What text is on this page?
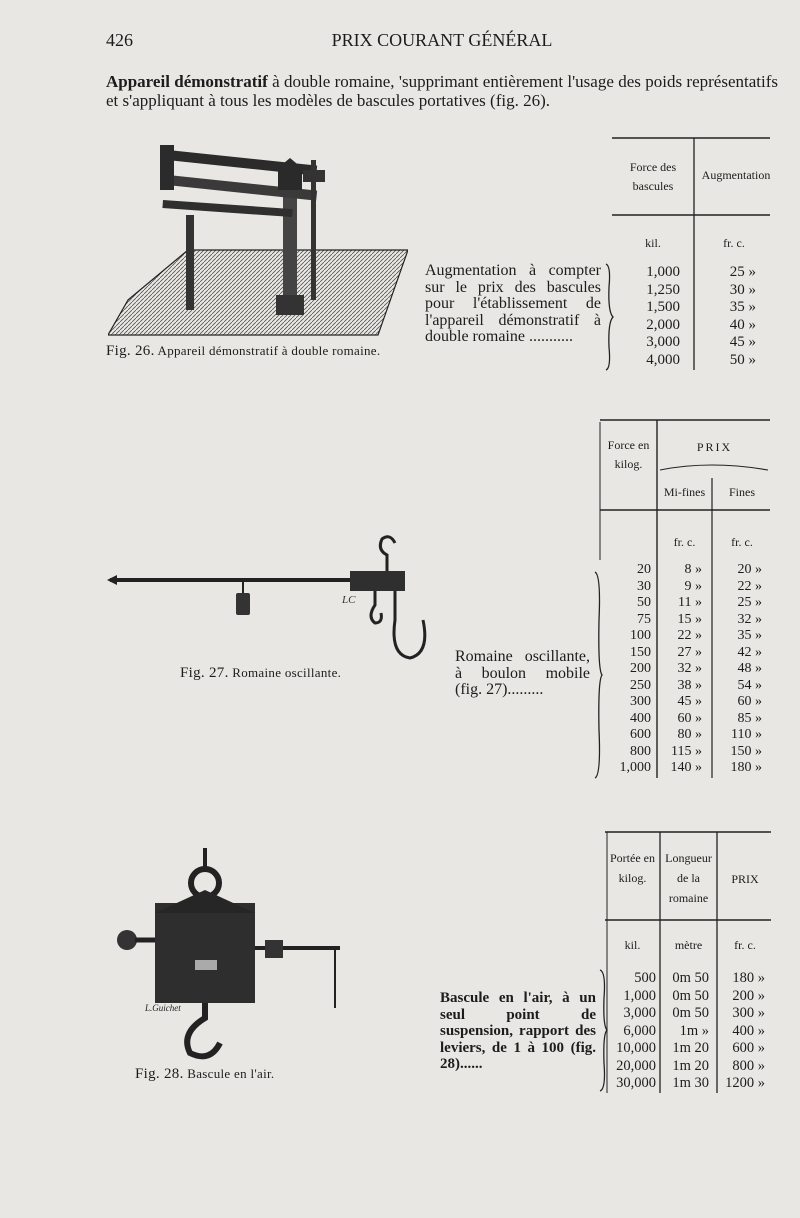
426	PRIX COURANT GÉNÉRAL

Appareil démonstratif à double romaine, 'supprimant entièrement l'usage des poids représentatifs et s'appliquant à tous les modèles de bascules portatives (fig. 26).

Fig. 26. Appareil démonstratif à double romaine.
Augmentation à compter sur le prix des bascules pour l'établissement de l'appareil démonstratif à double romaine ...........
Force des bascules
Augmentation
kil.	fr. c.
1,000	25 »
1,250	30 »
1,500	35 »
2,000	40 »
3,000	45 »
4,000	50 »
LC
Fig. 27. Romaine oscillante.
Romaine oscillante, à boulon mobile (fig. 27).........
Force en kilog.
PRIX
Mi-fines	Fines
fr. c.	fr. c.
20	8 »	20 »
30	9 »	22 »
50	11 »	25 »
75	15 »	32 »
100	22 »	35 »
150	27 »	42 »
200	32 »	48 »
250	38 »	54 »
300	45 »	60 »
400	60 »	85 »
600	80 »	110 »
800	115 »	150 »
1,000	140 »	180 »
L.Guichet
Fig. 28. Bascule en l'air.
Bascule en l'air, à un seul point de suspension, rapport des leviers, de 1 à 100 (fig. 28)......
Portée en kilog.
Longueur de la romaine
PRIX
kil.	mètre	fr. c.
500	0m 50	180 »
1,000	0m 50	200 »
3,000	0m 50	300 »
6,000	1m »	400 »
10,000	1m 20	600 »
20,000	1m 20	800 »
30,000	1m 30	1200 »
